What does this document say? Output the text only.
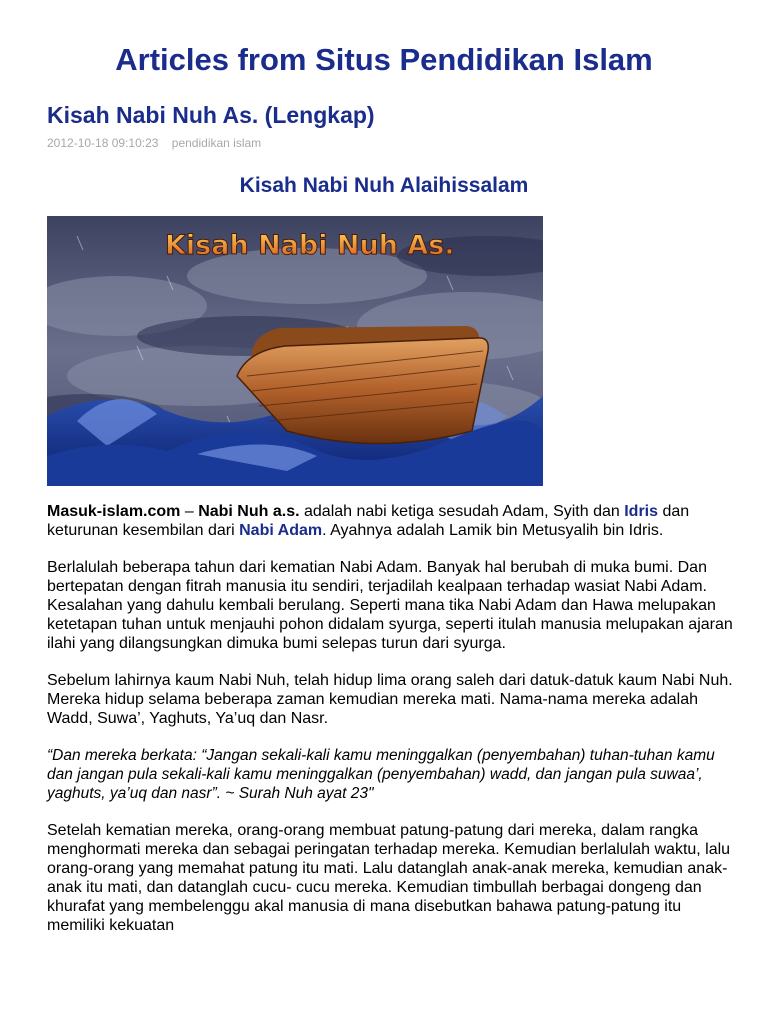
Articles from Situs Pendidikan Islam
Kisah Nabi Nuh As. (Lengkap)
2012-10-18 09:10:23 pendidikan islam
Kisah Nabi Nuh Alaihissalam
Kisah Nabi Nuh As.

Masuk-islam.com – Nabi Nuh a.s. adalah nabi ketiga sesudah Adam, Syith dan Idris dan keturunan kesembilan dari Nabi Adam. Ayahnya adalah Lamik bin Metusyalih bin Idris.

Berlalulah beberapa tahun dari kematian Nabi Adam. Banyak hal berubah di muka bumi. Dan bertepatan dengan fitrah manusia itu sendiri, terjadilah kealpaan terhadap wasiat Nabi Adam. Kesalahan yang dahulu kembali berulang. Seperti mana tika Nabi Adam dan Hawa melupakan ketetapan tuhan untuk menjauhi pohon didalam syurga, seperti itulah manusia melupakan ajaran ilahi yang dilangsungkan dimuka bumi selepas turun dari syurga.

Sebelum lahirnya kaum Nabi Nuh, telah hidup lima orang saleh dari datuk-datuk kaum Nabi Nuh. Mereka hidup selama beberapa zaman kemudian mereka mati. Nama-nama mereka adalah Wadd, Suwa’, Yaghuts, Ya’uq dan Nasr.

“Dan mereka berkata: “Jangan sekali-kali kamu meninggalkan (penyembahan) tuhan-tuhan kamu dan jangan pula sekali-kali kamu meninggalkan (penyembahan) wadd, dan jangan pula suwaa’, yaghuts, ya’uq dan nasr”. ~ Surah Nuh ayat 23"

Setelah kematian mereka, orang-orang membuat patung-patung dari mereka, dalam rangka menghormati mereka dan sebagai peringatan terhadap mereka. Kemudian berlalulah waktu, lalu orang-orang yang memahat patung itu mati. Lalu datanglah anak-anak mereka, kemudian anak-anak itu mati, dan datanglah cucu- cucu mereka. Kemudian timbullah berbagai dongeng dan khurafat yang membelenggu akal manusia di mana disebutkan bahawa patung-patung itu memiliki kekuatan
